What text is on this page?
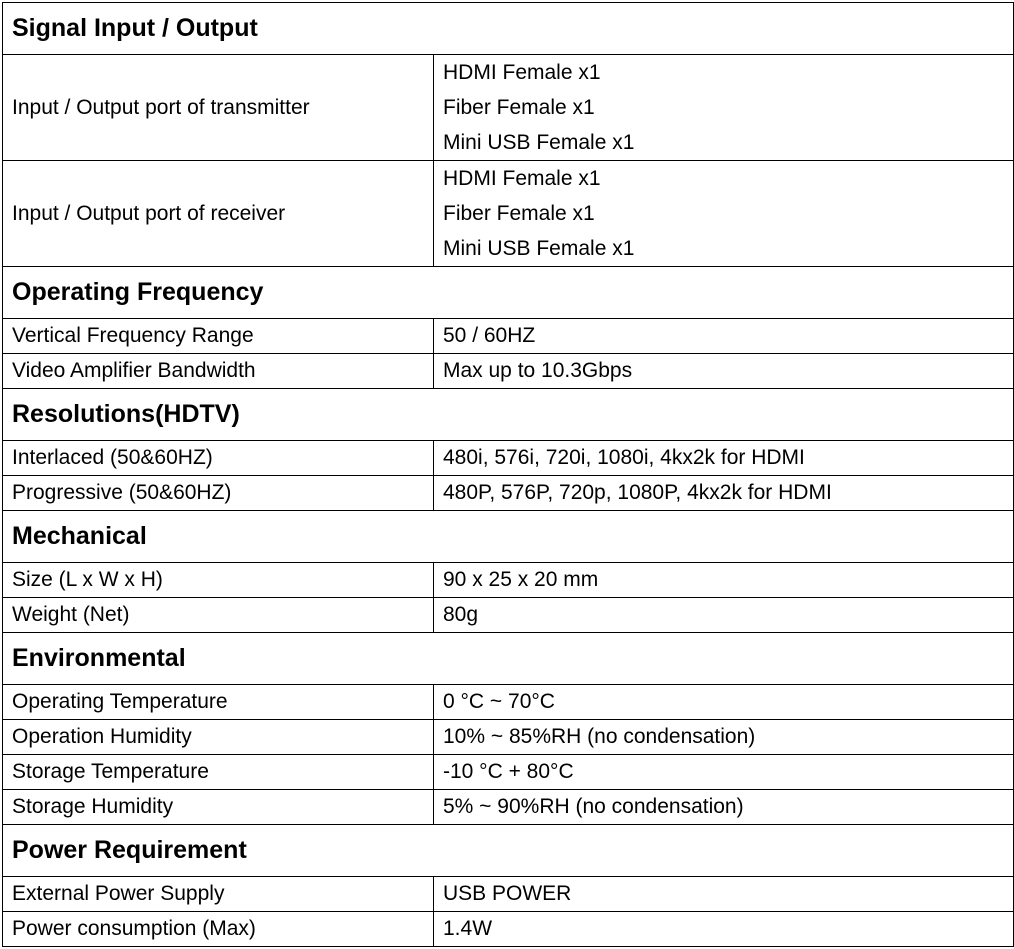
Signal Input / Output	
Input / Output port of transmitter	HDMI Female x1
Fiber Female x1
Mini USB Female x1

Input / Output port of receiver	HDMI Female x1
Fiber Female x1
Mini USB Female x1

Operating Frequency	
Vertical Frequency Range	50 / 60HZ
Video Amplifier Bandwidth	Max up to 10.3Gbps
Resolutions(HDTV)	
Interlaced (50&60HZ)	480i, 576i, 720i, 1080i, 4kx2k for HDMI
Progressive (50&60HZ)	480P, 576P, 720p, 1080P, 4kx2k for HDMI
Mechanical	
Size (L x W x H)	90 x 25 x 20 mm
Weight (Net)	80g
Environmental	
Operating Temperature	0 °C ~ 70°C
Operation Humidity	10% ~ 85%RH (no condensation)
Storage Temperature	-10 °C + 80°C
Storage Humidity	5% ~ 90%RH (no condensation)
Power Requirement	
External Power Supply	USB POWER
Power consumption (Max)	1.4W
